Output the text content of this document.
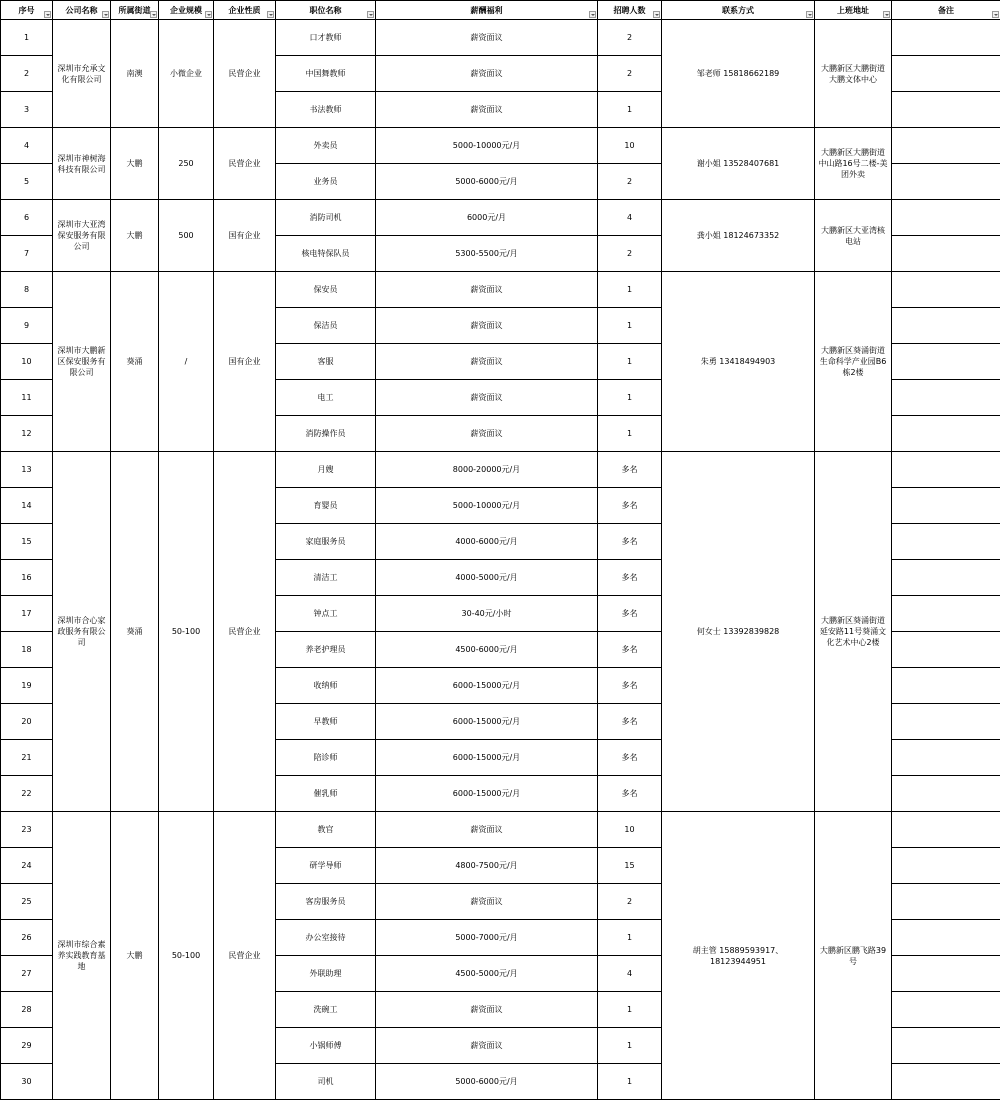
序号	公司名称	所属街道	企业规模	企业性质	职位名称	薪酬福利	招聘人数	联系方式	上班地址	备注

1	深圳市允承文化有限公司	南澳	小微企业	民营企业	口才教师	薪资面议	2	邹老师 15818662189	大鹏新区大鹏街道大鹏文体中心	
2					中国舞教师	薪资面议	2			
3					书法教师	薪资面议	1			
4	深圳市神树海科技有限公司	大鹏	250	民营企业	外卖员	5000-10000元/月	10	谢小姐 13528407681	大鹏新区大鹏街道中山路16号二楼-美团外卖	
5					业务员	5000-6000元/月	2			
6	深圳市大亚湾保安服务有限公司	大鹏	500	国有企业	消防司机	6000元/月	4	龚小姐 18124673352	大鹏新区大亚湾核电站	
7					核电特保队员	5300-5500元/月	2			
8	深圳市大鹏新区保安服务有限公司	葵涌	/	国有企业	保安员	薪资面议	1	朱勇 13418494903	大鹏新区葵涌街道生命科学产业园B6栋2楼	
9					保洁员	薪资面议	1			
10					客服	薪资面议	1			
11					电工	薪资面议	1			
12					消防操作员	薪资面议	1			
13	深圳市合心家政服务有限公司	葵涌	50-100	民营企业	月嫂	8000-20000元/月	多名	何女士 13392839828	大鹏新区葵涌街道延安路11号葵涌文化艺术中心2楼	
14					育婴员	5000-10000元/月	多名			
15					家庭服务员	4000-6000元/月	多名			
16					清洁工	4000-5000元/月	多名			
17					钟点工	30-40元/小时	多名			
18					养老护理员	4500-6000元/月	多名			
19					收纳师	6000-15000元/月	多名			
20					早教师	6000-15000元/月	多名			
21					陪诊师	6000-15000元/月	多名			
22					催乳师	6000-15000元/月	多名			
23	深圳市综合素养实践教育基地	大鹏	50-100	民营企业	教官	薪资面议	10	胡主管 15889593917、18123944951	大鹏新区鹏飞路39号	
24					研学导师	4800-7500元/月	15			
25					客房服务员	薪资面议	2			
26					办公室接待	5000-7000元/月	1			
27					外联助理	4500-5000元/月	4			
28					洗碗工	薪资面议	1			
29					小锅师傅	薪资面议	1			
30					司机	5000-6000元/月	1			
